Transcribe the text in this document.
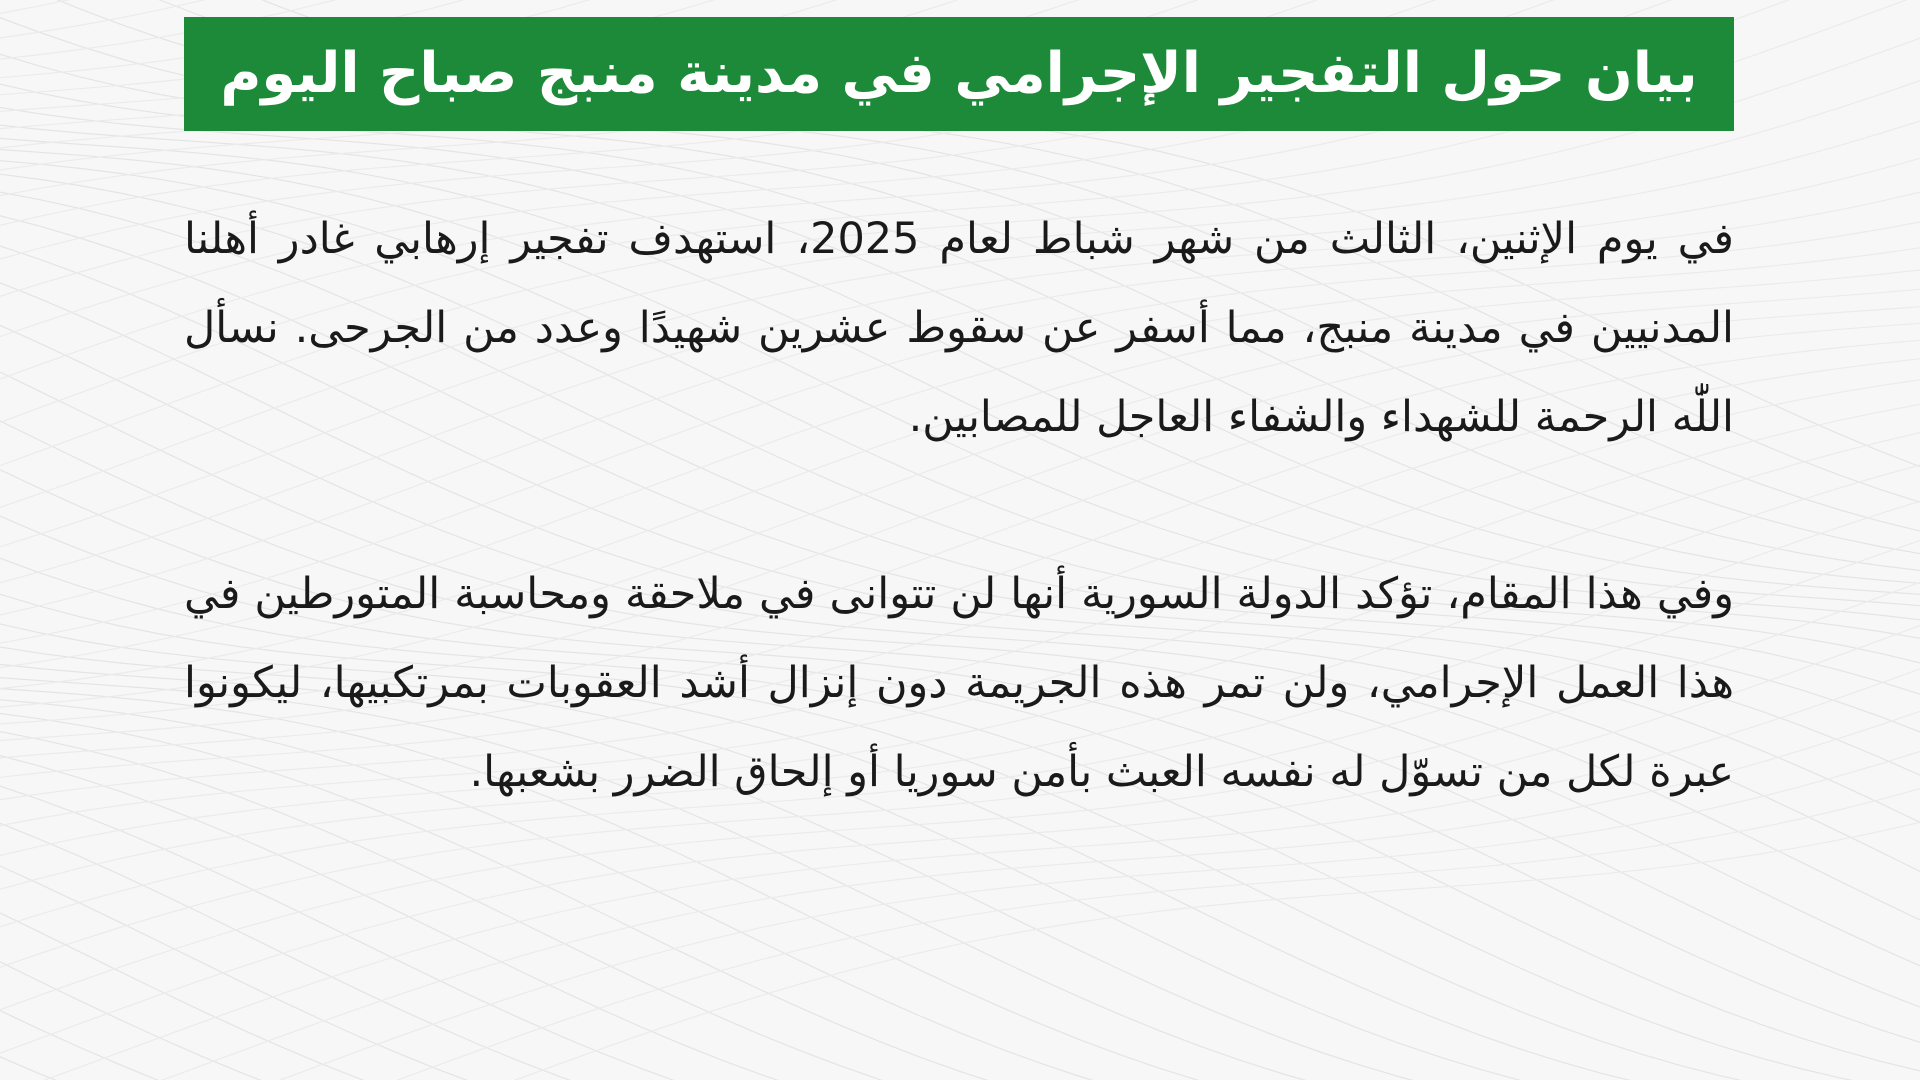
بيان حول التفجير الإجرامي في مدينة منبج صباح اليوم

في يوم الإثنين، الثالث من شهر شباط لعام 2025، استهدف تفجير إرهابي غادر أهلنا المدنيين في مدينة منبج، مما أسفر عن سقوط عشرين شهيدًا وعدد من الجرحى. نسأل اللّٰه الرحمة للشهداء والشفاء العاجل للمصابين.

وفي هذا المقام، تؤكد الدولة السورية أنها لن تتوانى في ملاحقة ومحاسبة المتورطين في هذا العمل الإجرامي، ولن تمر هذه الجريمة دون إنزال أشد العقوبات بمرتكبيها، ليكونوا عبرة لكل من تسوّل له نفسه العبث بأمن سوريا أو إلحاق الضرر بشعبها.
